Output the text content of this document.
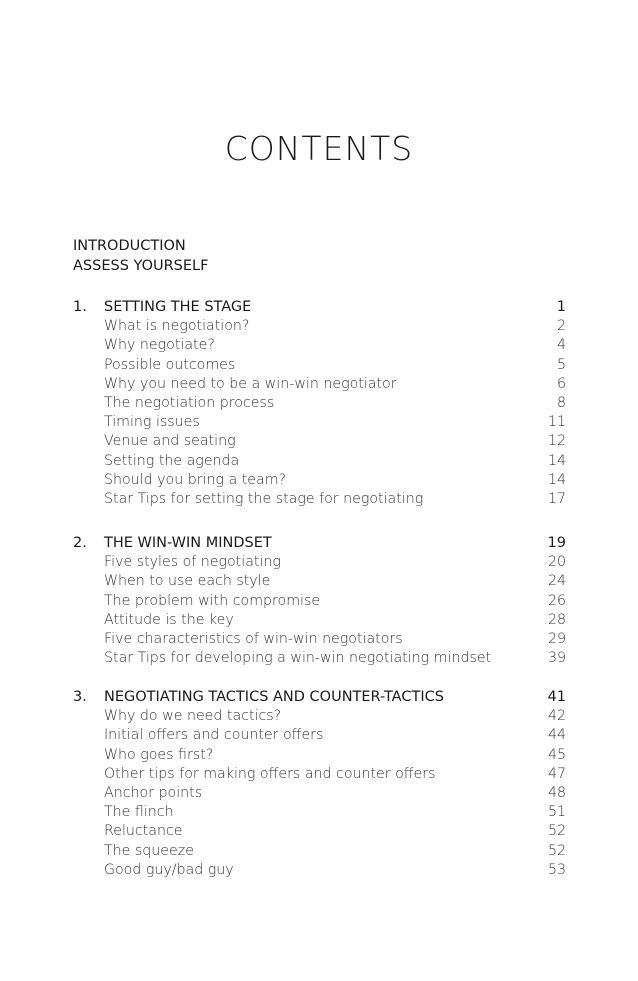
CONTENTS
INTRODUCTION
ASSESS YOURSELF
1. SETTING THE STAGE	1
What is negotiation?	2
Why negotiate?	4
Possible outcomes	5
Why you need to be a win-win negotiator	6
The negotiation process	8
Timing issues	11
Venue and seating	12
Setting the agenda	14
Should you bring a team?	14
Star Tips for setting the stage for negotiating	17
2. THE WIN-WIN MINDSET	19
Five styles of negotiating	20
When to use each style	24
The problem with compromise	26
Attitude is the key	28
Five characteristics of win-win negotiators	29
Star Tips for developing a win-win negotiating mindset	39
3. NEGOTIATING TACTICS AND COUNTER-TACTICS	41
Why do we need tactics?	42
Initial offers and counter offers	44
Who goes first?	45
Other tips for making offers and counter offers	47
Anchor points	48
The flinch	51
Reluctance	52
The squeeze	52
Good guy/bad guy	53
